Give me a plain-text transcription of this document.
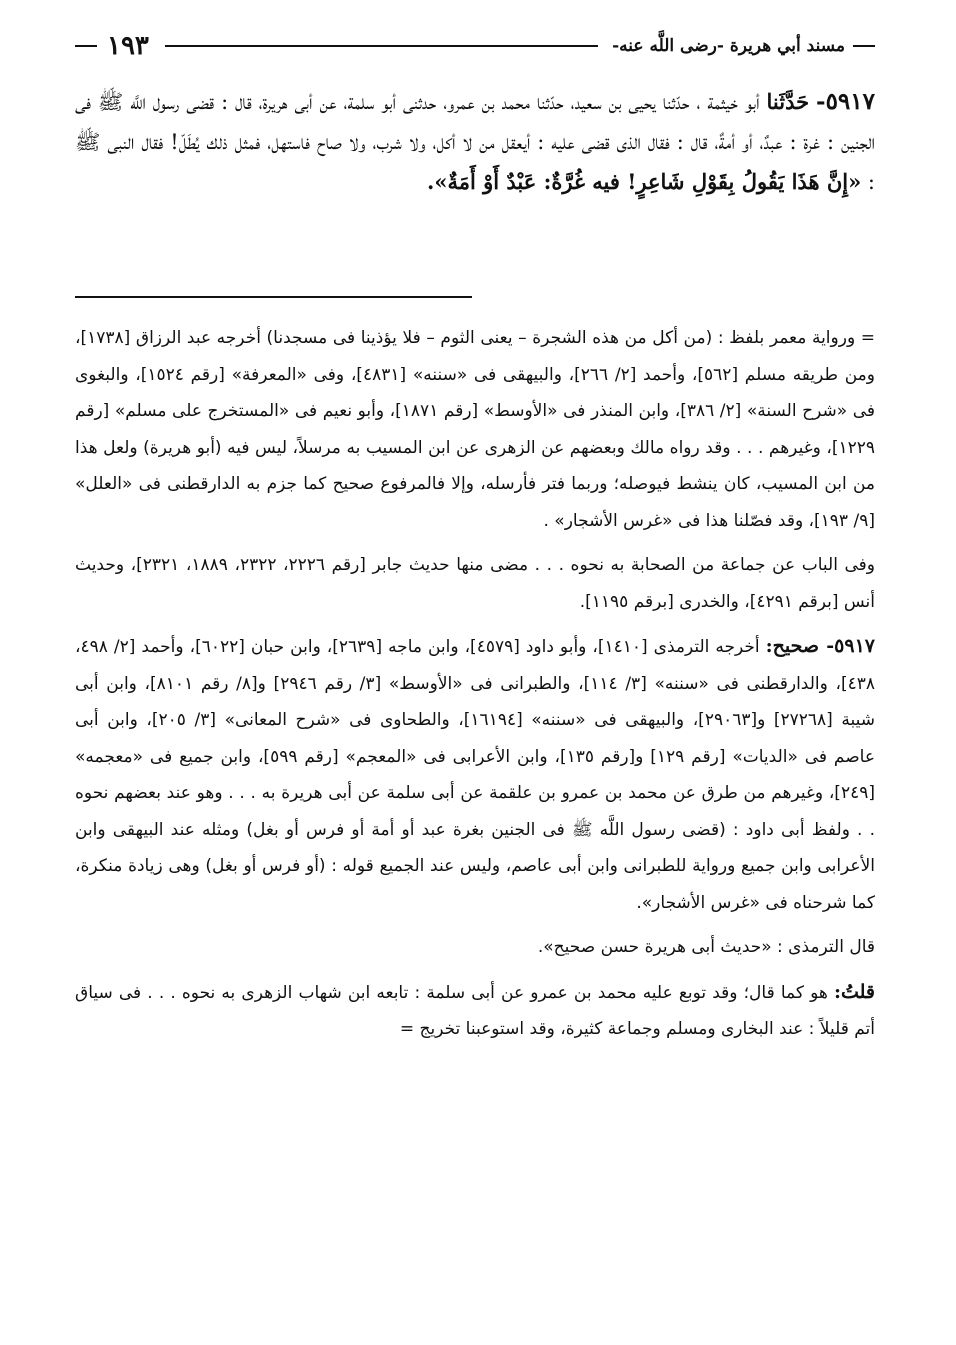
مسند أبي هريرة -رضى اللَّه عنه-
١٩٣
٥٩١٧- حَدَّثَنا أبو خيثمة ، حدّثنا يحيى بن سعيد، حدّثنا محمد بن عمرو، حدثنى أبو سلمة، عن أبى هريرة، قال : قضى رسول اللَّه ﷺ فى الجنين : غرة : عبدٌ، أو أمةٌ، قال : فقال الذى قضى عليه : أيعقل من لا أكل، ولا شرب، ولا صاح فاستهل، فمثل ذلك يُطَلّ! فقال النبى ﷺ : «إِنَّ هَذَا يَقُولُ بِقَوْلِ شَاعِرٍ! فيه غُرَّةٌ: عَبْدٌ أَوْ أَمَةٌ».

= ورواية معمر بلفظ : (من أكل من هذه الشجرة – يعنى الثوم – فلا يؤذينا فى مسجدنا) أخرجه عبد الرزاق [١٧٣٨]، ومن طريقه مسلم [٥٦٢]، وأحمد [٢/ ٢٦٦]، والبيهقى فى «سننه» [٤٨٣١]، وفى «المعرفة» [رقم ١٥٢٤]، والبغوى فى «شرح السنة» [٢/ ٣٨٦]، وابن المنذر فى «الأوسط» [رقم ١٨٧١]، وأبو نعيم فى «المستخرج على مسلم» [رقم ١٢٢٩]، وغيرهم . . . وقد رواه مالك وبعضهم عن الزهرى عن ابن المسيب به مرسلاً، ليس فيه (أبو هريرة) ولعل هذا من ابن المسيب، كان ينشط فيوصله؛ وربما فتر فأرسله، وإلا فالمرفوع صحيح كما جزم به الدارقطنى فى «العلل» [٩/ ١٩٣]، وقد فصّلنا هذا فى «غرس الأشجار» .

وفى الباب عن جماعة من الصحابة به نحوه . . . مضى منها حديث جابر [رقم ٢٢٢٦، ٢٣٢٢، ١٨٨٩، ٢٣٢١]، وحديث أنس [برقم ٤٢٩١]، والخدرى [برقم ١١٩٥].

٥٩١٧- صحيح: أخرجه الترمذى [١٤١٠]، وأبو داود [٤٥٧٩]، وابن ماجه [٢٦٣٩]، وابن حبان [٦٠٢٢]، وأحمد [٢/ ٤٩٨، ٤٣٨]، والدارقطنى فى «سننه» [٣/ ١١٤]، والطبرانى فى «الأوسط» [٣/ رقم ٢٩٤٦] و[٨/ رقم ٨١٠١]، وابن أبى شيبة [٢٧٢٦٨] و[٢٩٠٦٣]، والبيهقى فى «سننه» [١٦١٩٤]، والطحاوى فى «شرح المعانى» [٣/ ٢٠٥]، وابن أبى عاصم فى «الديات» [رقم ١٢٩] و[رقم ١٣٥]، وابن الأعرابى فى «المعجم» [رقم ٥٩٩]، وابن جميع فى «معجمه» [٢٤٩]، وغيرهم من طرق عن محمد بن عمرو بن علقمة عن أبى سلمة عن أبى هريرة به . . . وهو عند بعضهم نحوه . . ولفظ أبى داود : (قضى رسول اللَّه ﷺ فى الجنين بغرة عبد أو أمة أو فرس أو بغل) ومثله عند البيهقى وابن الأعرابى وابن جميع ورواية للطبرانى وابن أبى عاصم، وليس عند الجميع قوله : (أو فرس أو بغل) وهى زيادة منكرة، كما شرحناه فى «غرس الأشجار».

قال الترمذى : «حديث أبى هريرة حسن صحيح».

قلتُ: هو كما قال؛ وقد توبع عليه محمد بن عمرو عن أبى سلمة : تابعه ابن شهاب الزهرى به نحوه . . . فى سياق أتم قليلاً : عند البخارى ومسلم وجماعة كثيرة، وقد استوعبنا تخريج =
